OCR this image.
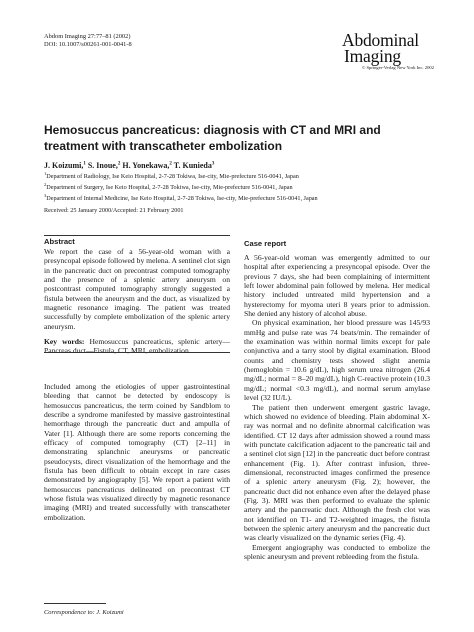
Abdom Imaging 27:77–81 (2002)
DOI: 10.1007/s00261-001-0041-8	Abdominal
Imaging
© Springer-Verlag New York Inc. 2002
Hemosuccus pancreaticus: diagnosis with CT and MRI and treatment with transcatheter embolization
J. Koizumi,$^1$ S. Inoue,$^2$ H. Yonekawa,$^2$ T. Kunieda$^3$
$^1$Department of Radiology, Ise Keio Hospital, 2-7-28 Tokiwa, Ise-city, Mie-prefecture 516-0041, Japan
$^2$Department of Surgery, Ise Keio Hospital, 2-7-28 Tokiwa, Ise-city, Mie-prefecture 516-0041, Japan
$^3$Department of Internal Medicine, Ise Keio Hospital, 2-7-28 Tokiwa, Ise-city, Mie-prefecture 516-0041, Japan
Received: 25 January 2000/Accepted: 21 February 2001
Abstract

We report the case of a 56-year-old woman with a presyncopal episode followed by melena. A sentinel clot sign in the pancreatic duct on precontrast computed tomography and the presence of a splenic artery aneurysm on postcontrast computed tomography strongly suggested a fistula between the aneurysm and the duct, as visualized by magnetic resonance imaging. The patient was treated successfully by complete embolization of the splenic artery aneurysm.

Key words: Hemosuccus pancreaticus, splenic artery—Pancreas duct—Fistula, CT, MRI, embolization.

Included among the etiologies of upper gastrointestinal bleeding that cannot be detected by endoscopy is hemosuccus pancreaticus, the term coined by Sandblom to describe a syndrome manifested by massive gastrointestinal hemorrhage through the pancreatic duct and ampulla of Vater [1]. Although there are some reports concerning the efficacy of computed tomography (CT) [2–11] in demonstrating splanchnic aneurysms or pancreatic pseudocysts, direct visualization of the hemorrhage and the fistula has been difficult to obtain except in rare cases demonstrated by angiography [5]. We report a patient with hemosuccus pancreaticus delineated on precontrast CT whose fistula was visualized directly by magnetic resonance imaging (MRI) and treated successfully with transcatheter embolization.

Correspondence to: J. Koizumi
Case report

A 56-year-old woman was emergently admitted to our hospital after experiencing a presyncopal episode. Over the previous 7 days, she had been complaining of intermittent left lower abdominal pain followed by melena. Her medical history included untreated mild hypertension and a hysterectomy for myoma uteri 8 years prior to admission. She denied any history of alcohol abuse.

On physical examination, her blood pressure was 145/93 mmHg and pulse rate was 74 beats/min. The remainder of the examination was within normal limits except for pale conjunctiva and a tarry stool by digital examination. Blood counts and chemistry tests showed slight anemia (hemoglobin = 10.6 g/dL), high serum urea nitrogen (26.4 mg/dL; normal = 8–20 mg/dL), high C-reactive protein (10.3 mg/dL; normal <0.3 mg/dL), and normal serum amylase level (32 IU/L).

The patient then underwent emergent gastric lavage, which showed no evidence of bleeding. Plain abdominal X-ray was normal and no definite abnormal calcification was identified. CT 12 days after admission showed a round mass with punctate calcification adjacent to the pancreatic tail and a sentinel clot sign [12] in the pancreatic duct before contrast enhancement (Fig. 1). After contrast infusion, three-dimensional, reconstructed images confirmed the presence of a splenic artery aneurysm (Fig. 2); however, the pancreatic duct did not enhance even after the delayed phase (Fig. 3). MRI was then performed to evaluate the splenic artery and the pancreatic duct. Although the fresh clot was not identified on T1- and T2-weighted images, the fistula between the splenic artery aneurysm and the pancreatic duct was clearly visualized on the dynamic series (Fig. 4).

Emergent angiography was conducted to embolize the splenic aneurysm and prevent rebleeding from the fistula.
